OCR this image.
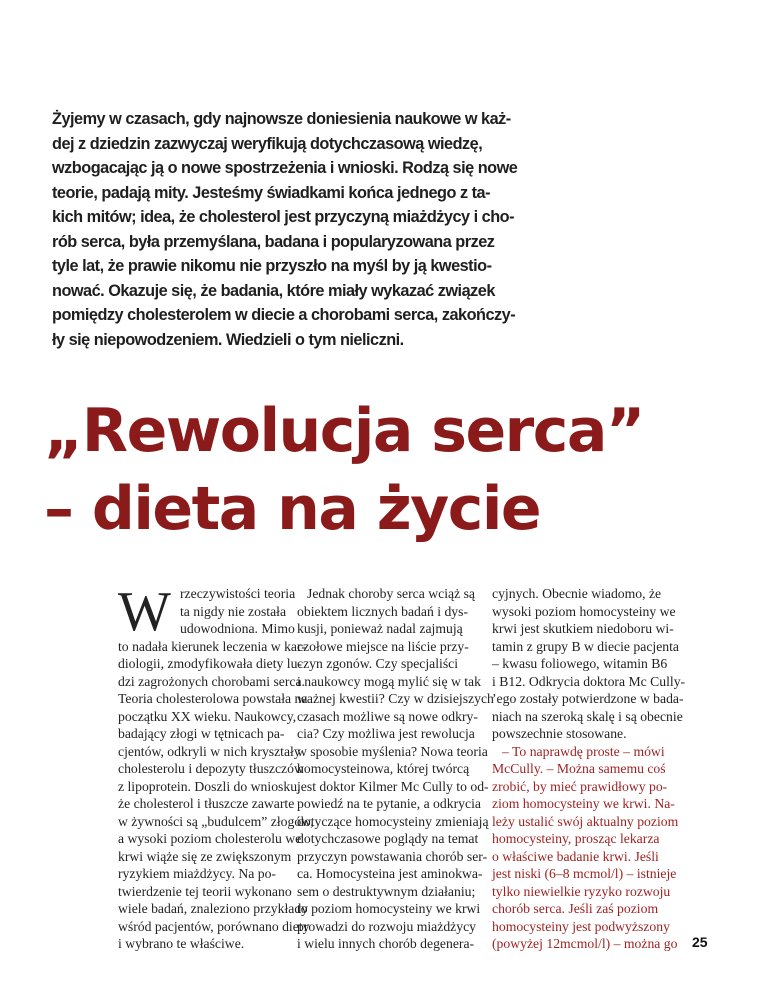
Żyjemy w czasach, gdy najnowsze doniesienia naukowe w każ-
dej z dziedzin zazwyczaj weryfikują dotychczasową wiedzę,
wzbogacając ją o nowe spostrzeżenia i wnioski. Rodzą się nowe
teorie, padają mity. Jesteśmy świadkami końca jednego z ta-
kich mitów; idea, że cholesterol jest przyczyną miażdżycy i cho-
rób serca, była przemyślana, badana i popularyzowana przez
tyle lat, że prawie nikomu nie przyszło na myśl by ją kwestio-
nować. Okazuje się, że badania, które miały wykazać związek
pomiędzy cholesterolem w diecie a chorobami serca, zakończy-
ły się niepowodzeniem. Wiedzieli o tym nieliczni.
„Rewolucja serca”
– dieta na życie
W rzeczywistości teoria
ta nigdy nie została
udowodniona. Mimo
to nadała kierunek leczenia w kar-
diologii, zmodyfikowała diety lu-
dzi zagrożonych chorobami serca.
Teoria cholesterolowa powstała na
początku XX wieku. Naukowcy,
badający złogi w tętnicach pa-
cjentów, odkryli w nich kryształy
cholesterolu i depozyty tłuszczów
z lipoprotein. Doszli do wniosku,
że cholesterol i tłuszcze zawarte
w żywności są „budulcem” złogów,
a wysoki poziom cholesterolu we
krwi wiąże się ze zwiększonym
ryzykiem miażdżycy. Na po-
twierdzenie tej teorii wykonano
wiele badań, znaleziono przykłady
wśród pacjentów, porównano diety
i wybrano te właściwe.
Jednak choroby serca wciąż są
obiektem licznych badań i dys-
kusji, ponieważ nadal zajmują
czołowe miejsce na liście przy-
czyn zgonów. Czy specjaliści
i naukowcy mogą mylić się w tak
ważnej kwestii? Czy w dzisiejszych
czasach możliwe są nowe odkry-
cia? Czy możliwa jest rewolucja
w sposobie myślenia? Nowa teoria
homocysteinowa, której twórcą
jest doktor Kilmer Mc Cully to od-
powiedź na te pytanie, a odkrycia
dotyczące homocysteiny zmieniają
dotychczasowe poglądy na temat
przyczyn powstawania chorób ser-
ca. Homocysteina jest aminokwa-
sem o destruktywnym działaniu;
to poziom homocysteiny we krwi
prowadzi do rozwoju miażdżycy
i wielu innych chorób degenera-
cyjnych. Obecnie wiadomo, że
wysoki poziom homocysteiny we
krwi jest skutkiem niedoboru wi-
tamin z grupy B w diecie pacjenta
– kwasu foliowego, witamin B6
i B12. Odkrycia doktora Mc Cully-
’ego zostały potwierdzone w bada-
niach na szeroką skalę i są obecnie
powszechnie stosowane.
– To naprawdę proste – mówi
McCully. – Można samemu coś
zrobić, by mieć prawidłowy po-
ziom homocysteiny we krwi. Na-
leży ustalić swój aktualny poziom
homocysteiny, prosząc lekarza
o właściwe badanie krwi. Jeśli
jest niski (6–8 mcmol/l) – istnieje
tylko niewielkie ryzyko rozwoju
chorób serca. Jeśli zaś poziom
homocysteiny jest podwyższony
(powyżej 12mcmol/l) – można go	25
